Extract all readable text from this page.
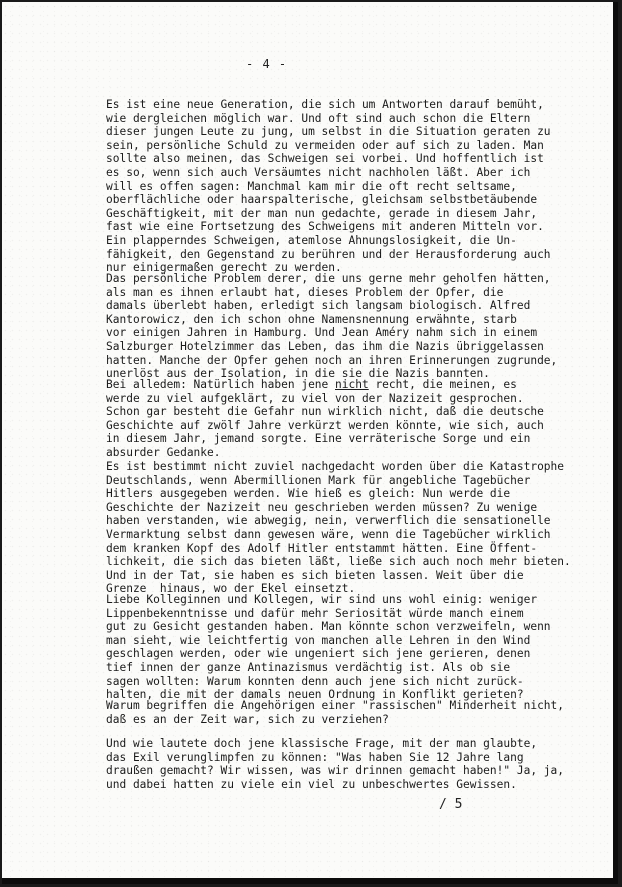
- 4 -
Es ist eine neue Generation, die sich um Antworten darauf bemüht,
wie dergleichen möglich war. Und oft sind auch schon die Eltern
dieser jungen Leute zu jung, um selbst in die Situation geraten zu
sein, persönliche Schuld zu vermeiden oder auf sich zu laden. Man
sollte also meinen, das Schweigen sei vorbei. Und hoffentlich ist
es so, wenn sich auch Versäumtes nicht nachholen läßt. Aber ich
will es offen sagen: Manchmal kam mir die oft recht seltsame,
oberflächliche oder haarspalterische, gleichsam selbstbetäubende
Geschäftigkeit, mit der man nun gedachte, gerade in diesem Jahr,
fast wie eine Fortsetzung des Schweigens mit anderen Mitteln vor.
Ein plapperndes Schweigen, atemlose Ahnungslosigkeit, die Un-
fähigkeit, den Gegenstand zu berühren und der Herausforderung auch
nur einigermaßen gerecht zu werden.
Das persönliche Problem derer, die uns gerne mehr geholfen hätten,
als man es ihnen erlaubt hat, dieses Problem der Opfer, die
damals überlebt haben, erledigt sich langsam biologisch. Alfred
Kantorowicz, den ich schon ohne Namensnennung erwähnte, starb
vor einigen Jahren in Hamburg. Und Jean Améry nahm sich in einem
Salzburger Hotelzimmer das Leben, das ihm die Nazis übriggelassen
hatten. Manche der Opfer gehen noch an ihren Erinnerungen zugrunde,
unerlöst aus der Isolation, in die sie die Nazis bannten.
Bei alledem: Natürlich haben jene nicht recht, die meinen, es
werde zu viel aufgeklärt, zu viel von der Nazizeit gesprochen.
Schon gar besteht die Gefahr nun wirklich nicht, daß die deutsche
Geschichte auf zwölf Jahre verkürzt werden könnte, wie sich, auch
in diesem Jahr, jemand sorgte. Eine verräterische Sorge und ein
absurder Gedanke.
Es ist bestimmt nicht zuviel nachgedacht worden über die Katastrophe
Deutschlands, wenn Abermillionen Mark für angebliche Tagebücher
Hitlers ausgegeben werden. Wie hieß es gleich: Nun werde die
Geschichte der Nazizeit neu geschrieben werden müssen? Zu wenige
haben verstanden, wie abwegig, nein, verwerflich die sensationelle
Vermarktung selbst dann gewesen wäre, wenn die Tagebücher wirklich
dem kranken Kopf des Adolf Hitler entstammt hätten. Eine Öffent-
lichkeit, die sich das bieten läßt, ließe sich auch noch mehr bieten.
Und in der Tat, sie haben es sich bieten lassen. Weit über die
Grenze  hinaus, wo der Ekel einsetzt.
Liebe Kolleginnen und Kollegen, wir sind uns wohl einig: weniger
Lippenbekenntnisse und dafür mehr Seriosität würde manch einem
gut zu Gesicht gestanden haben. Man könnte schon verzweifeln, wenn
man sieht, wie leichtfertig von manchen alle Lehren in den Wind
geschlagen werden, oder wie ungeniert sich jene gerieren, denen
tief innen der ganze Antinazismus verdächtig ist. Als ob sie
sagen wollten: Warum konnten denn auch jene sich nicht zurück-
halten, die mit der damals neuen Ordnung in Konflikt gerieten?
Warum begriffen die Angehörigen einer "rassischen" Minderheit nicht,
daß es an der Zeit war, sich zu verziehen?
Und wie lautete doch jene klassische Frage, mit der man glaubte,
das Exil verunglimpfen zu können: "Was haben Sie 12 Jahre lang
draußen gemacht? Wir wissen, was wir drinnen gemacht haben!" Ja, ja,
und dabei hatten zu viele ein viel zu unbeschwertes Gewissen.
/ 5
